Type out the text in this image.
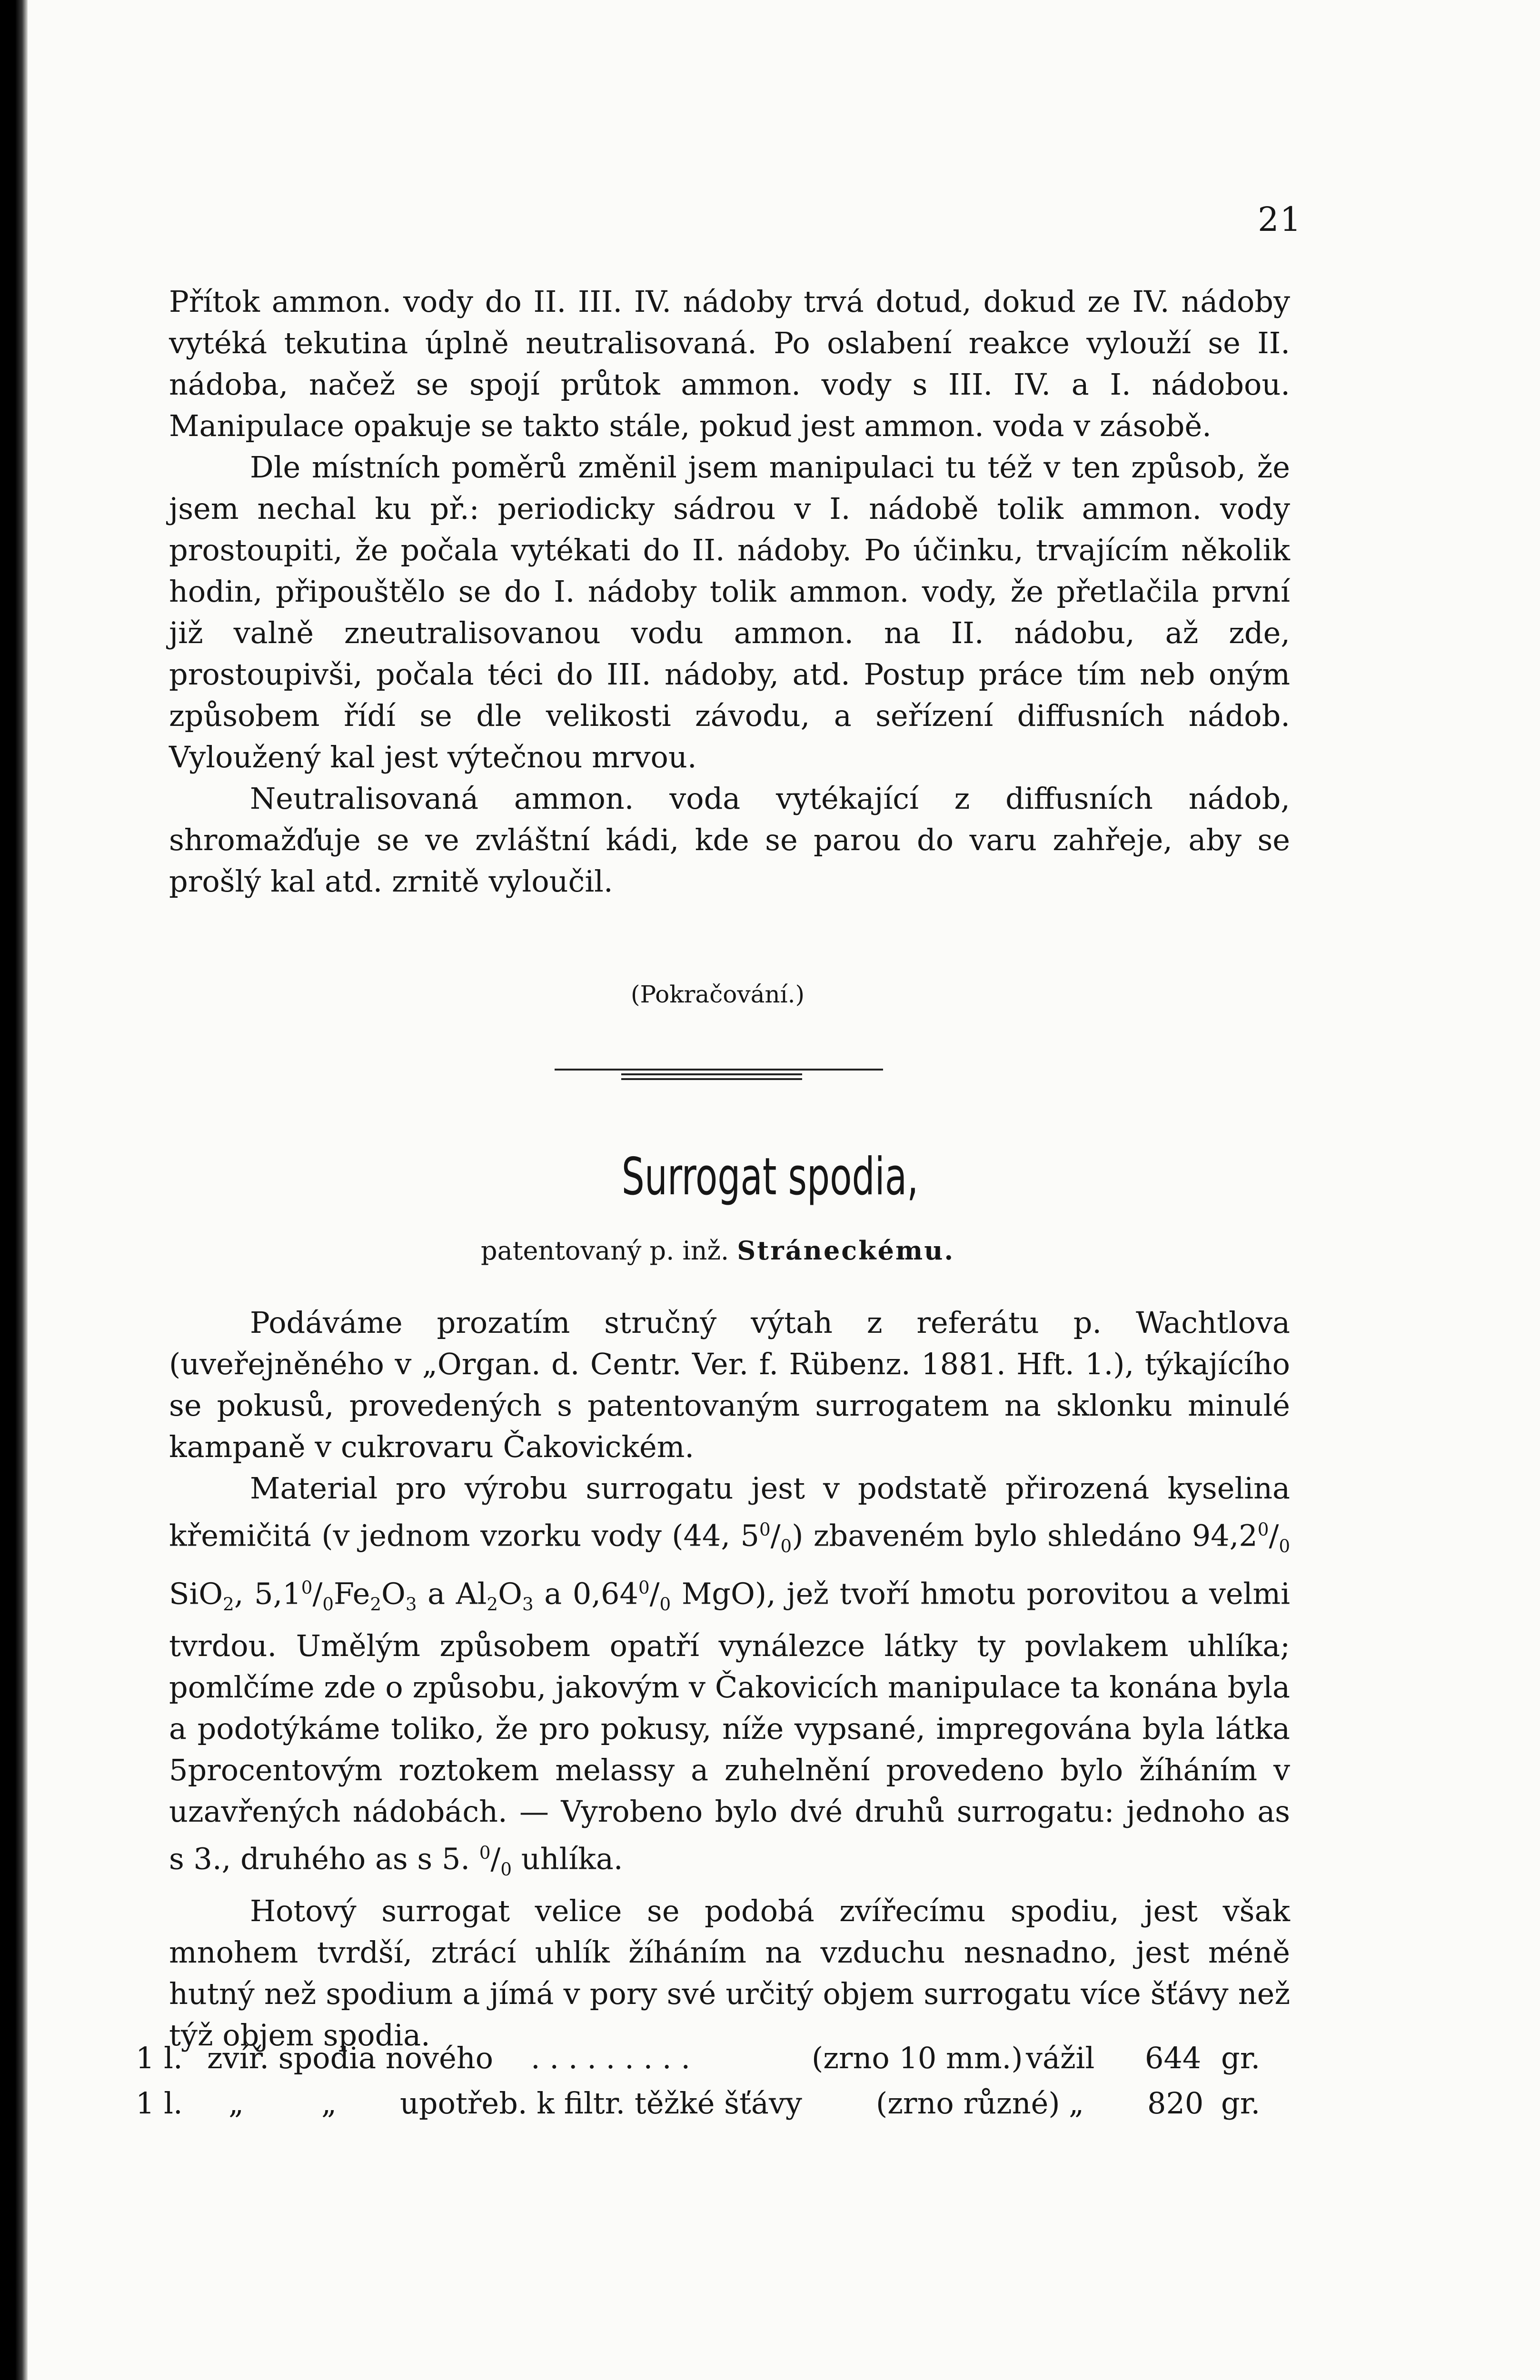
21

Přítok ammon. vody do II. III. IV. nádoby trvá dotud, dokud ze IV. nádoby vytéká tekutina úplně neutralisovaná. Po oslabení reakce vylouží se II. nádoba, načež se spojí průtok ammon. vody s III. IV. a I. nádobou. Manipulace opakuje se takto stále, pokud jest ammon. voda v zásobě.

Dle místních poměrů změnil jsem manipulaci tu též v ten způsob, že jsem nechal ku př.: periodicky sádrou v I. nádobě tolik ammon. vody prostoupiti, že počala vytékati do II. nádoby. Po účinku, trvajícím několik hodin, připouštělo se do I. nádoby tolik ammon. vody, že přetlačila první již valně zneutralisovanou vodu ammon. na II. nádobu, až zde, prostoupivši, počala téci do III. nádoby, atd. Postup práce tím neb oným způsobem řídí se dle velikosti závodu, a seřízení diffusních nádob. Vyloužený kal jest výtečnou mrvou.

Neutralisovaná ammon. voda vytékající z diffusních nádob, shromažďuje se ve zvláštní kádi, kde se parou do varu zahřeje, aby se prošlý kal atd. zrnitě vyloučil.

(Pokračování.)
Surrogat spodia,
patentovaný p. inž. Stráneckému.

Podáváme prozatím stručný výtah z referátu p. Wachtlova (uveřejněného v „Organ. d. Centr. Ver. f. Rübenz. 1881. Hft. 1.), týkajícího se pokusů, provedených s patentovaným surrogatem na sklonku minulé kampaně v cukrovaru Čakovickém.

Material pro výrobu surrogatu jest v podstatě přirozená kyselina křemičitá (v jednom vzorku vody (44, $5^0/_0$) zbaveném bylo shledáno $94,2^0/_0$ SiO$_2$, $5,1^0/_0Fe_2O_3$ a $Al_2O_3$ a $0,64^0/_0$ MgO), jež tvoří hmotu porovitou a velmi tvrdou. Umělým způsobem opatří vynálezce látky ty povlakem uhlíka; pomlčíme zde o způsobu, jakovým v Čakovicích manipulace ta konána byla a podotýkáme toliko, že pro pokusy, níže vypsané, impregována byla látka 5procentovým roztokem melassy a zuhelnění provedeno bylo žíháním v uzavřených nádobách. — Vyrobeno bylo dvé druhů surrogatu: jednoho as s 3., druhého as s 5. $^0/_0$ uhlíka.

Hotový surrogat velice se podobá zvířecímu spodiu, jest však mnohem tvrdší, ztrácí uhlík žíháním na vzduchu nesnadno, jest méně hutný než spodium a jímá v pory své určitý objem surrogatu více šťávy než týž objem spodia.

1 l. zvíř. spodia nového . . . . . . . . .	(zrno 10 mm.) vážil 644 gr.
1 l. „	„ upotřeb. k filtr. těžké šťávy	(zrno různé) „ 820 gr.
